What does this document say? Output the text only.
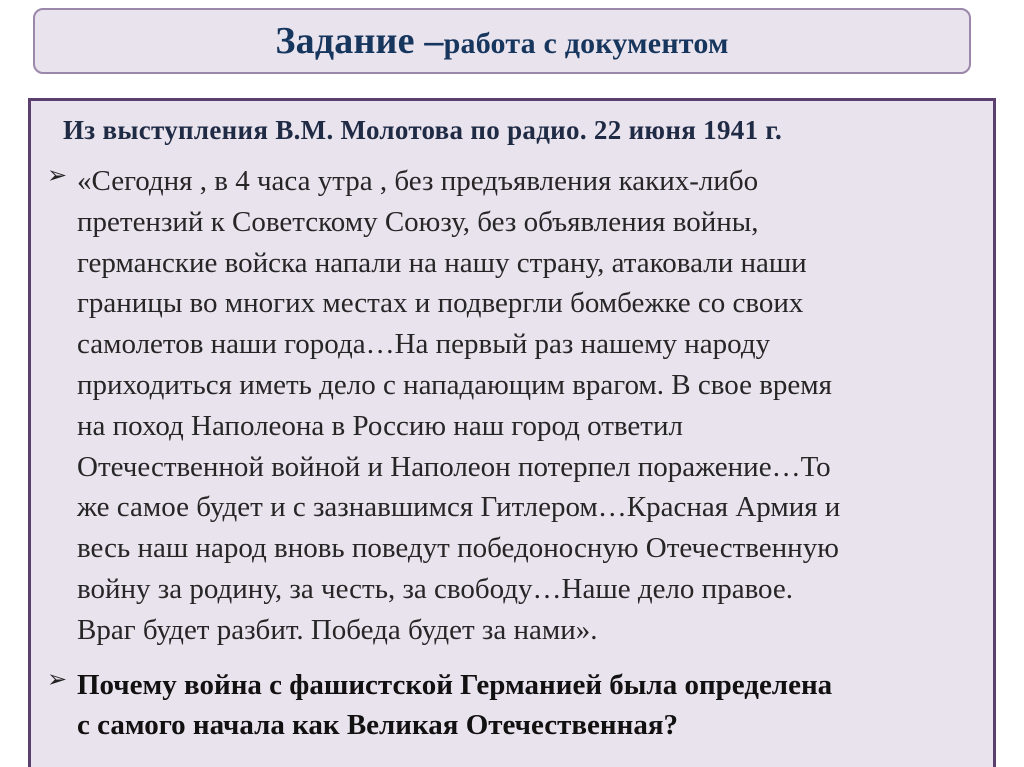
Задание –работа с документом
Из выступления В.М. Молотова по радио. 22 июня 1941 г.
➢ «Сегодня , в 4 часа утра , без предъявления каких-либо
претензий к Советскому Союзу, без объявления войны,
германские войска напали на нашу страну, атаковали наши
границы во многих местах и подвергли бомбежке со своих
самолетов наши города…На первый раз нашему народу
приходиться иметь дело с нападающим врагом. В свое время
на поход Наполеона в Россию наш город ответил
Отечественной войной и Наполеон потерпел поражение…То
же самое будет и с зазнавшимся Гитлером…Красная Армия и
весь наш народ вновь поведут победоносную Отечественную
войну за родину, за честь, за свободу…Наше дело правое.
Враг будет разбит. Победа будет за нами».
➢ Почему война с фашистской Германией была определена
с самого начала как Великая Отечественная?
